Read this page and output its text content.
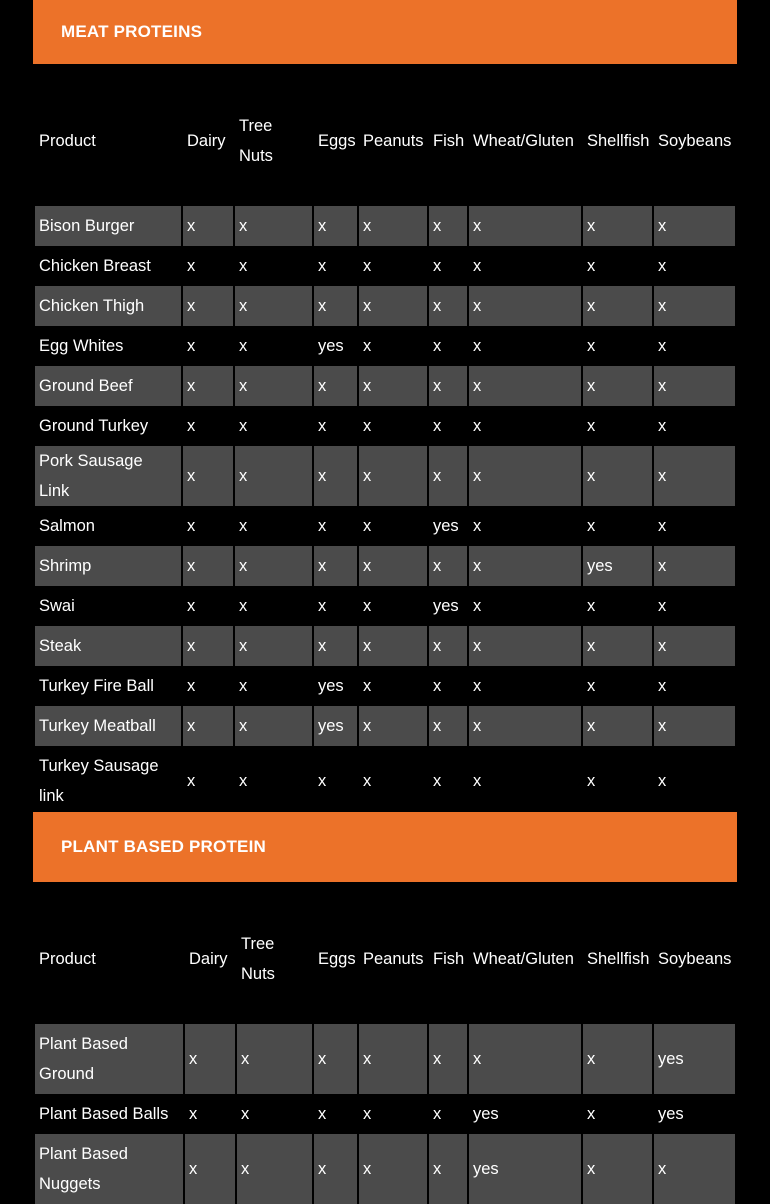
MEAT PROTEINS
Product	Dairy	Tree Nuts	Eggs	Peanuts	Fish	Wheat/Gluten	Shellfish	Soybeans
Bison Burger	x	x	x	x	x	x	x	x
Chicken Breast	x	x	x	x	x	x	x	x
Chicken Thigh	x	x	x	x	x	x	x	x
Egg Whites	x	x	yes	x	x	x	x	x
Ground Beef	x	x	x	x	x	x	x	x
Ground Turkey	x	x	x	x	x	x	x	x
Pork Sausage Link	x	x	x	x	x	x	x	x
Salmon	x	x	x	x	yes	x	x	x
Shrimp	x	x	x	x	x	x	yes	x
Swai	x	x	x	x	yes	x	x	x
Steak	x	x	x	x	x	x	x	x
Turkey Fire Ball	x	x	yes	x	x	x	x	x
Turkey Meatball	x	x	yes	x	x	x	x	x
Turkey Sausage link	x	x	x	x	x	x	x	x
PLANT BASED PROTEIN
Product	Dairy	Tree Nuts	Eggs	Peanuts	Fish	Wheat/Gluten	Shellfish	Soybeans
Plant Based Ground	x	x	x	x	x	x	x	yes
Plant Based Balls	x	x	x	x	x	yes	x	yes
Plant Based Nuggets	x	x	x	x	x	yes	x	x
